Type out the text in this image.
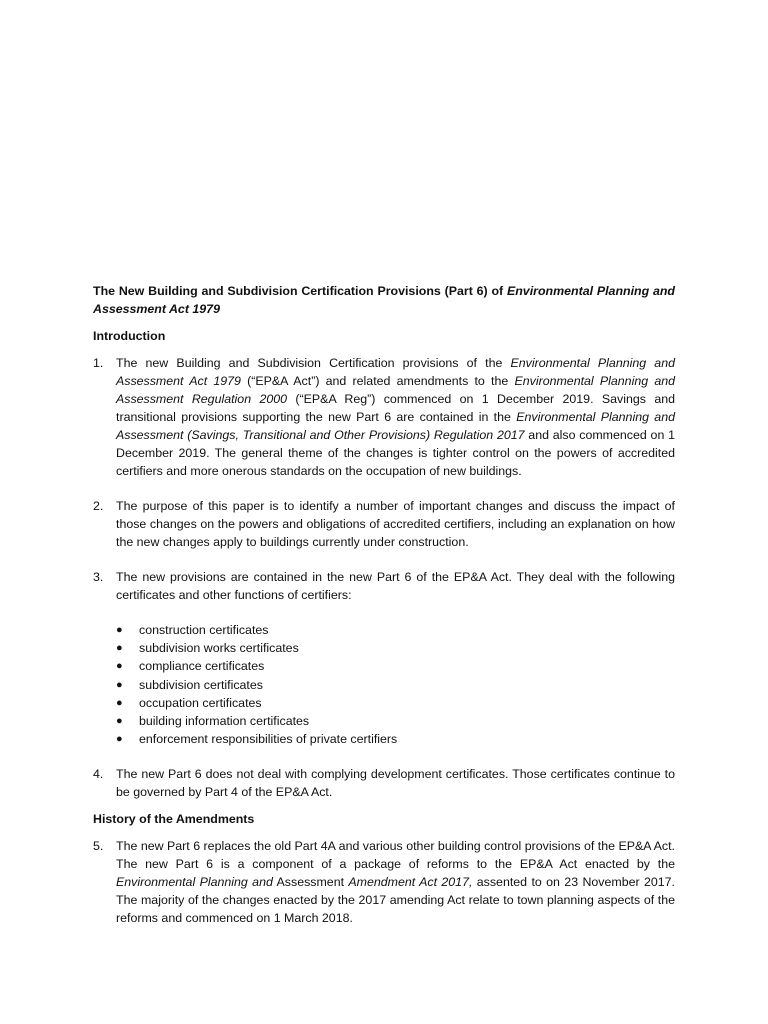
The New Building and Subdivision Certification Provisions (Part 6) of Environmental Planning and Assessment Act 1979

Introduction

1. The new Building and Subdivision Certification provisions of the Environmental Planning and Assessment Act 1979 (“EP&A Act”) and related amendments to the Environmental Planning and Assessment Regulation 2000 (“EP&A Reg”) commenced on 1 December 2019. Savings and transitional provisions supporting the new Part 6 are contained in the Environmental Planning and Assessment (Savings, Transitional and Other Provisions) Regulation 2017 and also commenced on 1 December 2019. The general theme of the changes is tighter control on the powers of accredited certifiers and more onerous standards on the occupation of new buildings.
2. The purpose of this paper is to identify a number of important changes and discuss the impact of those changes on the powers and obligations of accredited certifiers, including an explanation on how the new changes apply to buildings currently under construction.
3. The new provisions are contained in the new Part 6 of the EP&A Act. They deal with the following certificates and other functions of certifiers:
● construction certificates
● subdivision works certificates
● compliance certificates
● subdivision certificates
● occupation certificates
● building information certificates
● enforcement responsibilities of private certifiers
4. The new Part 6 does not deal with complying development certificates. Those certificates continue to be governed by Part 4 of the EP&A Act.

History of the Amendments

5. The new Part 6 replaces the old Part 4A and various other building control provisions of the EP&A Act. The new Part 6 is a component of a package of reforms to the EP&A Act enacted by the Environmental Planning and Assessment Amendment Act 2017, assented to on 23 November 2017. The majority of the changes enacted by the 2017 amending Act relate to town planning aspects of the reforms and commenced on 1 March 2018.
